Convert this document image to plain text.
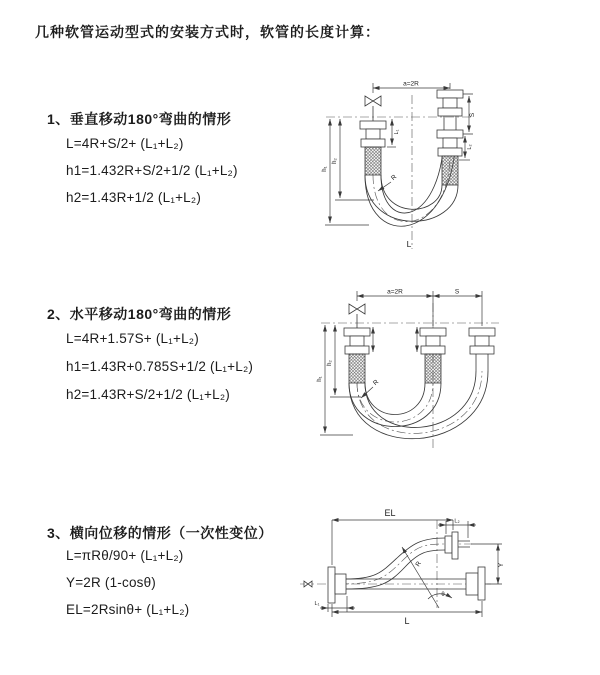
几种软管运动型式的安装方式时，软管的长度计算：
1、垂直移动180°弯曲的情形
L=4R+S/2+ (L₁+L₂)
h1=1.432R+S/2+1/2 (L₁+L₂)
h2=1.43R+1/2 (L₁+L₂)
2、水平移动180°弯曲的情形
L=4R+1.57S+ (L₁+L₂)
h1=1.43R+0.785S+1/2 (L₁+L₂)
h2=1.43R+S/2+1/2 (L₁+L₂)
3、横向位移的情形（一次性变位）
L=πRθ/90+ (L₁+L₂)
Y=2R (1-cosθ)
EL=2Rsinθ+ (L₁+L₂)
a=2R
L₁
S
L₂
h₁
h₂
R
L
a=2R	S
h₁
h₂
R
EL
L₂
Y
L
L₁
R
θ
